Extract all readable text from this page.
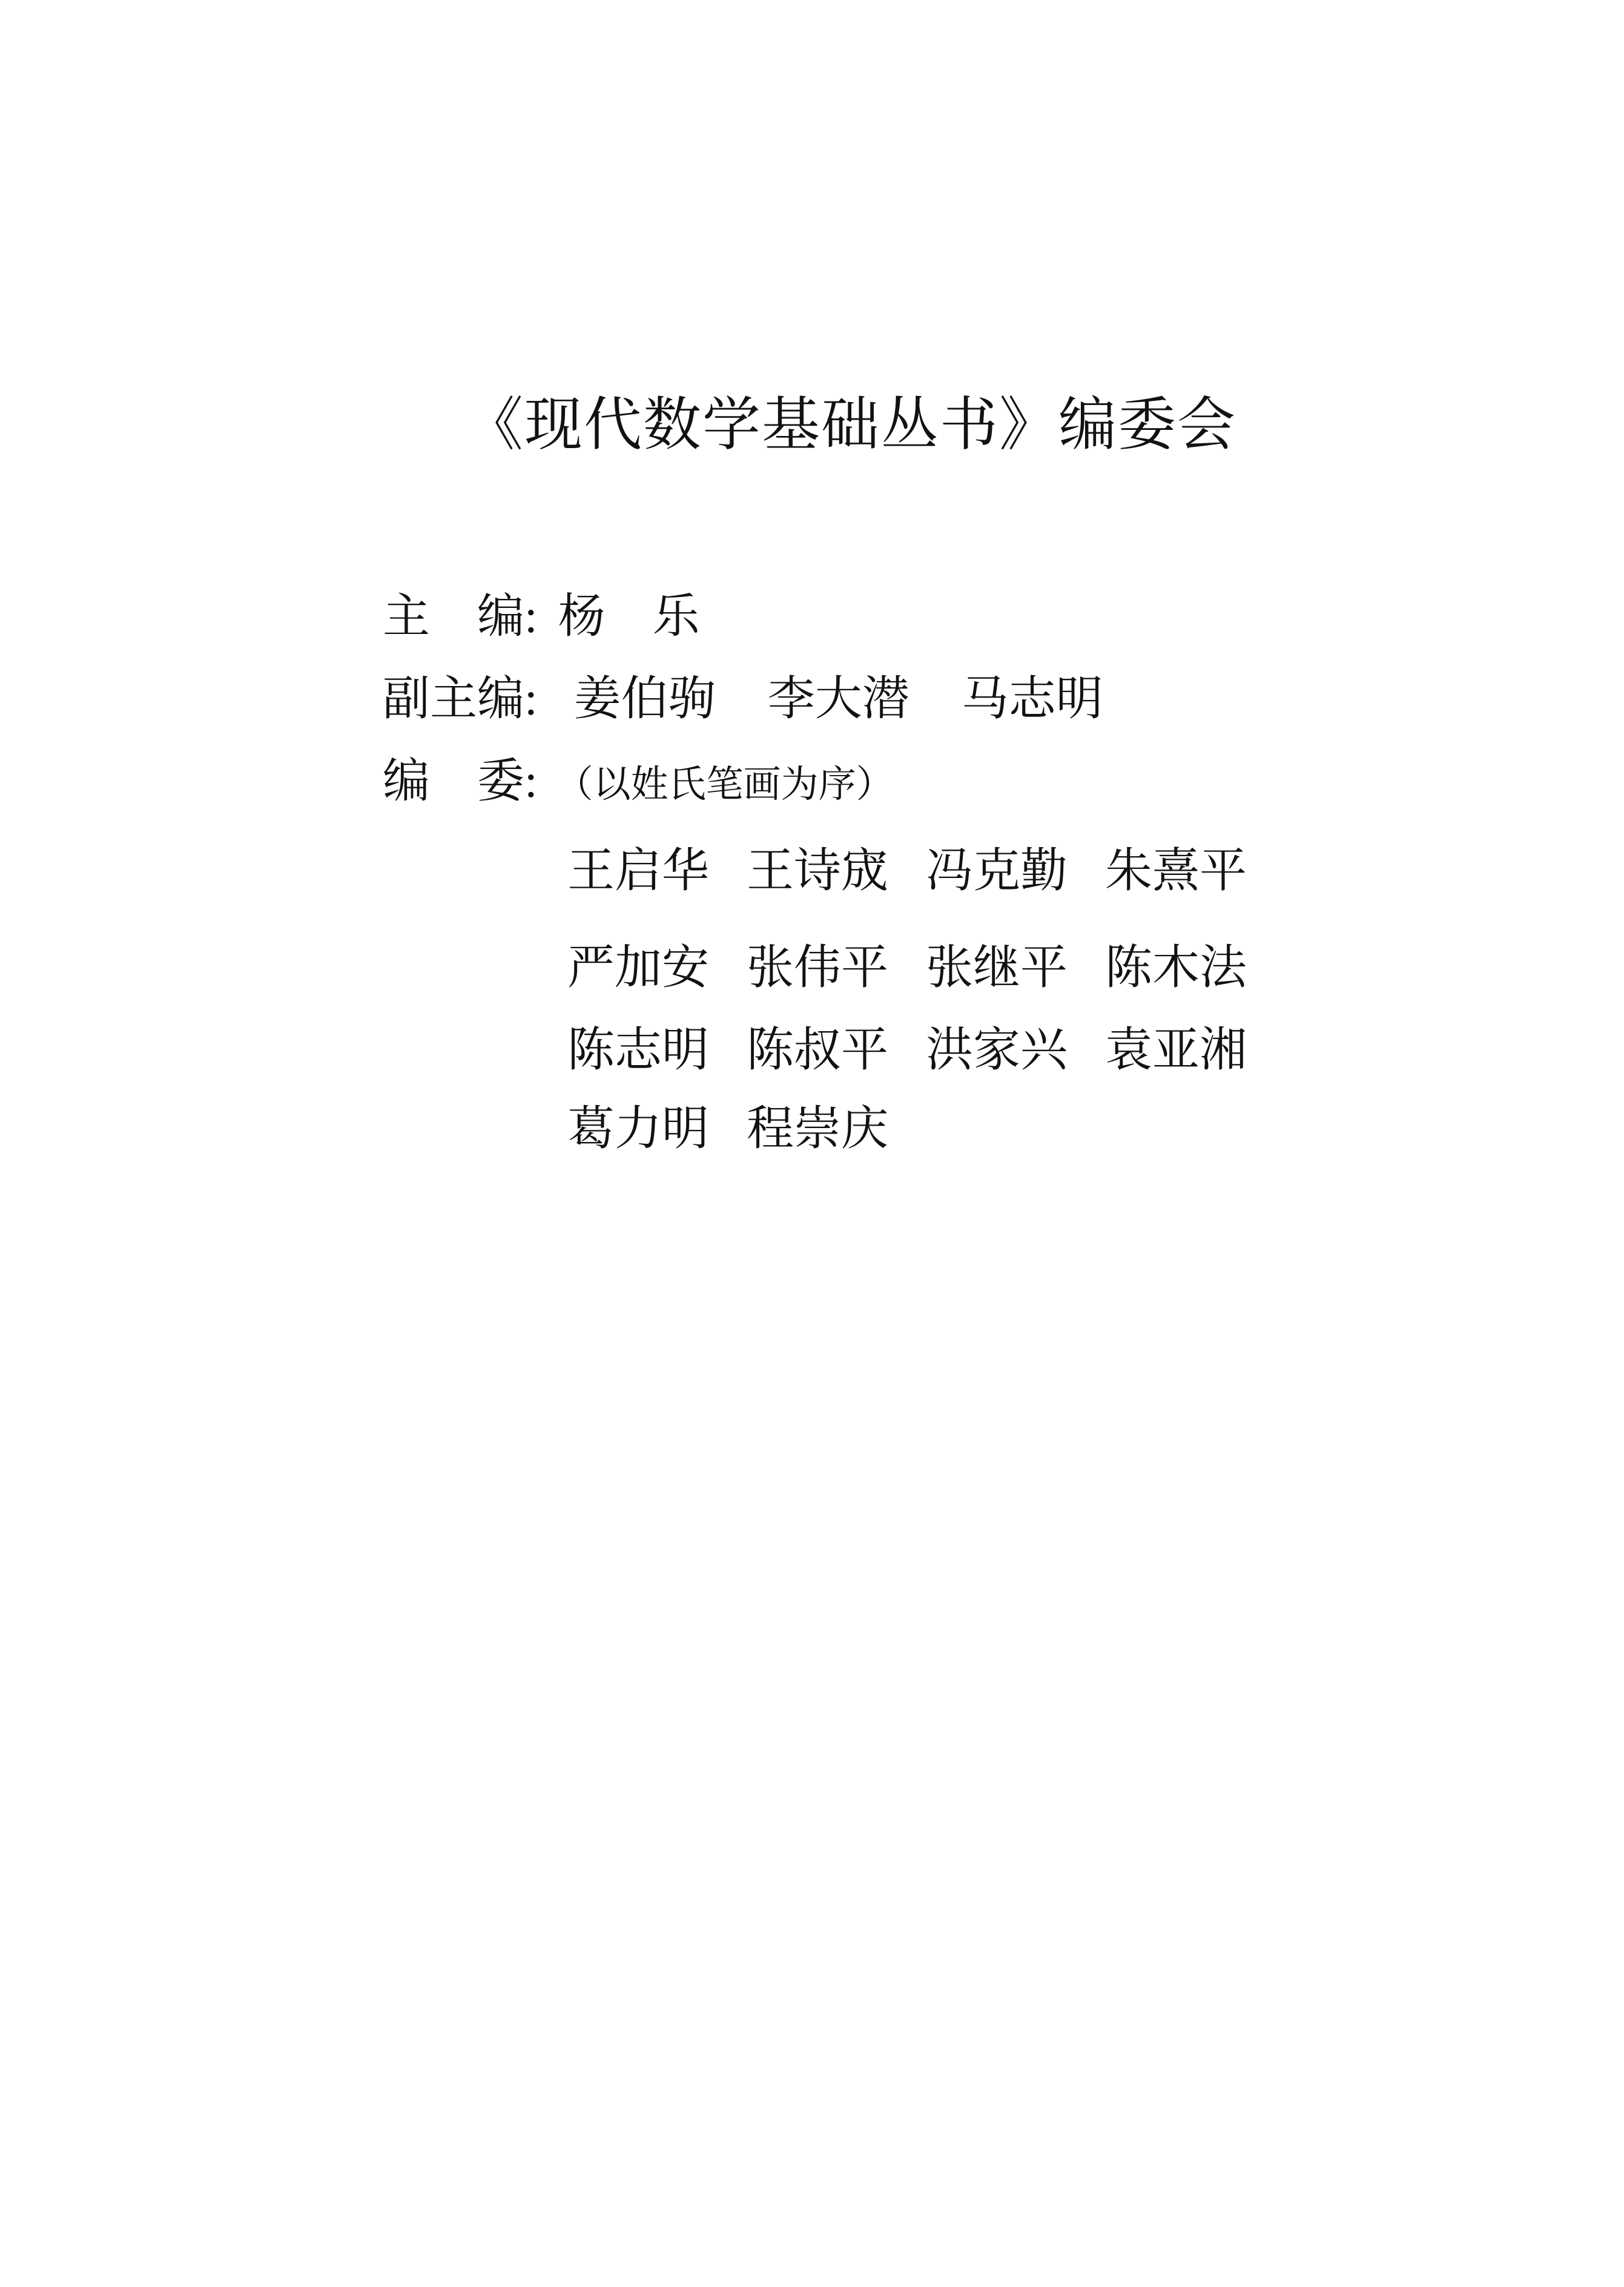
《现代数学基础丛书》编委会
主　编: 杨　乐
副主编: 姜伯驹 李大潜 马志明
编　委: （以姓氏笔画为序）
王启华 王诗宬 冯克勤 朱熹平
严加安 张伟平 张继平 陈木法
陈志明 陈叔平 洪家兴 袁亚湘
葛力明 程崇庆
